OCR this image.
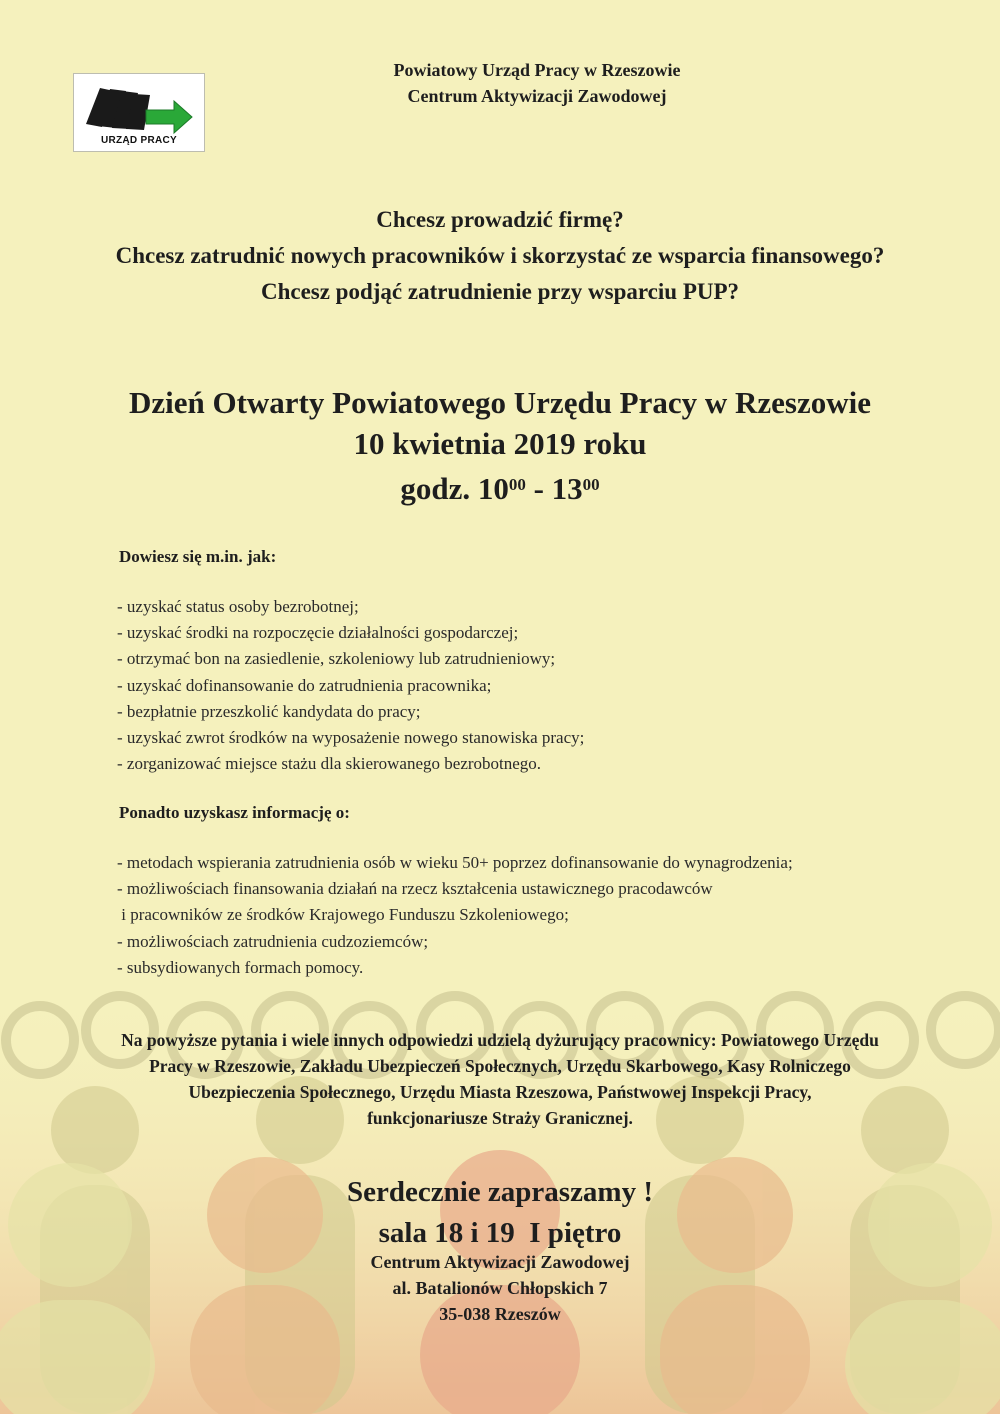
URZĄD PRACY
Powiatowy Urząd Pracy w Rzeszowie
Centrum Aktywizacji Zawodowej
Chcesz prowadzić firmę?
Chcesz zatrudnić nowych pracowników i skorzystać ze wsparcia finansowego?
Chcesz podjąć zatrudnienie przy wsparciu PUP?
Dzień Otwarty Powiatowego Urzędu Pracy w Rzeszowie
10 kwietnia 2019 roku
godz. $10^{00} - 13^{00}$
Dowiesz się m.in. jak:
- uzyskać status osoby bezrobotnej;
- uzyskać środki na rozpoczęcie działalności gospodarczej;
- otrzymać bon na zasiedlenie, szkoleniowy lub zatrudnieniowy;
- uzyskać dofinansowanie do zatrudnienia pracownika;
- bezpłatnie przeszkolić kandydata do pracy;
- uzyskać zwrot środków na wyposażenie nowego stanowiska pracy;
- zorganizować miejsce stażu dla skierowanego bezrobotnego.
Ponadto uzyskasz informację o:
- metodach wspierania zatrudnienia osób w wieku 50+ poprzez dofinansowanie do wynagrodzenia;
- możliwościach finansowania działań na rzecz kształcenia ustawicznego pracodawców
i pracowników ze środków Krajowego Funduszu Szkoleniowego;
- możliwościach zatrudnienia cudzoziemców;
- subsydiowanych formach pomocy.
Na powyższe pytania i wiele innych odpowiedzi udzielą dyżurujący pracownicy: Powiatowego Urzędu
Pracy w Rzeszowie, Zakładu Ubezpieczeń Społecznych, Urzędu Skarbowego, Kasy Rolniczego
Ubezpieczenia Społecznego, Urzędu Miasta Rzeszowa, Państwowej Inspekcji Pracy,
funkcjonariusze Straży Granicznej.
Serdecznie zapraszamy !
sala 18 i 19  I piętro
Centrum Aktywizacji Zawodowej
al. Batalionów Chłopskich 7
35-038 Rzeszów
